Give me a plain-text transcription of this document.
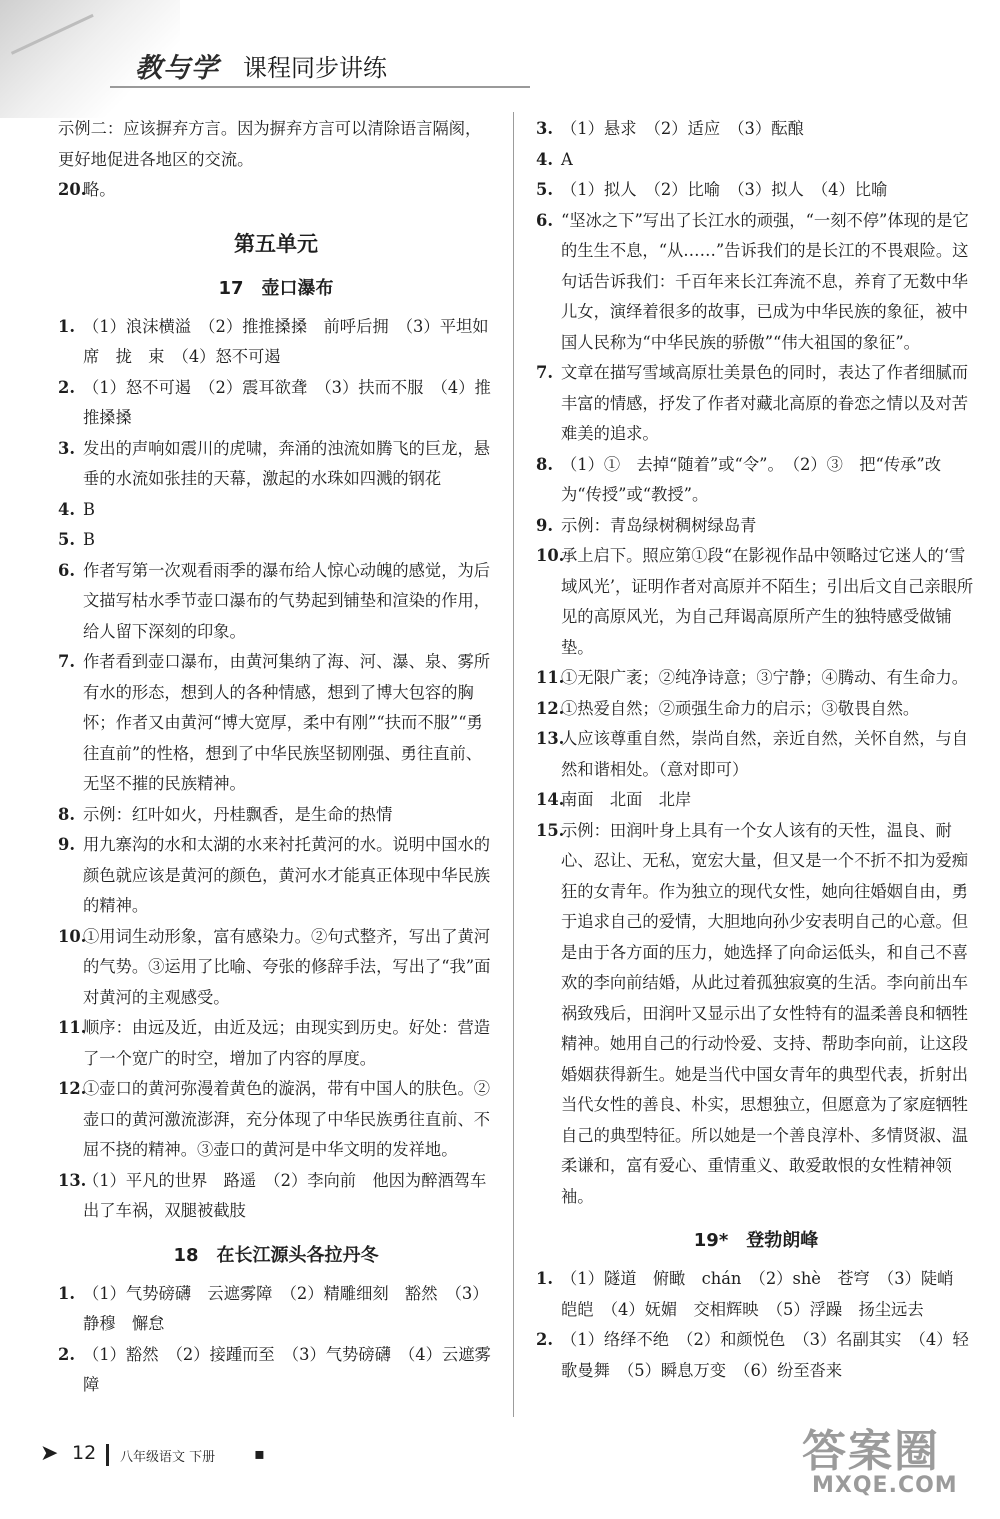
教与学 课程同步讲练

示例二：应该摒弃方言。因为摒弃方言可以清除语言隔阂，更好地促进各地区的交流。

20.
略。
第五单元
17　壶口瀑布
1. （1）浪沫横溢　（2）推推搡搡　前呼后拥　（3）平坦如席　拢　束　（4）怒不可遏
2. （1）怒不可遏　（2）震耳欲聋　（3）扶而不服　（4）推推搡搡
3. 发出的声响如震川的虎啸，奔涌的浊流如腾飞的巨龙，悬垂的水流如张挂的天幕，激起的水珠如四溅的钢花
4. B
5. B
6. 作者写第一次观看雨季的瀑布给人惊心动魄的感觉，为后文描写枯水季节壶口瀑布的气势起到铺垫和渲染的作用，给人留下深刻的印象。
7. 作者看到壶口瀑布，由黄河集纳了海、河、瀑、泉、雾所有水的形态，想到人的各种情感，想到了博大包容的胸怀；作者又由黄河“博大宽厚，柔中有刚”“扶而不服”“勇往直前”的性格，想到了中华民族坚韧刚强、勇往直前、无坚不摧的民族精神。
8. 示例：红叶如火，丹桂飘香，是生命的热情
9. 用九寨沟的水和太湖的水来衬托黄河的水。说明中国水的颜色就应该是黄河的颜色，黄河水才能真正体现中华民族的精神。
10.
①用词生动形象，富有感染力。②句式整齐，写出了黄河的气势。③运用了比喻、夸张的修辞手法，写出了“我”面对黄河的主观感受。
11.
顺序：由远及近，由近及远；由现实到历史。好处：营造了一个宽广的时空，增加了内容的厚度。
12.
①壶口的黄河弥漫着黄色的漩涡，带有中国人的肤色。②壶口的黄河激流澎湃，充分体现了中华民族勇往直前、不屈不挠的精神。③壶口的黄河是中华文明的发祥地。
13.
（1）平凡的世界　路遥　（2）李向前　他因为醉酒驾车出了车祸，双腿被截肢
18　在长江源头各拉丹冬
1. （1）气势磅礴　云遮雾障　（2）精雕细刻　豁然　（3）静穆　懈怠
2. （1）豁然　（2）接踵而至　（3）气势磅礴　（4）云遮雾障
3. （1）悬求　（2）适应　（3）酝酿
4. A
5. （1）拟人　（2）比喻　（3）拟人　（4）比喻
6. “坚冰之下”写出了长江水的顽强，“一刻不停”体现的是它的生生不息，“从……”告诉我们的是长江的不畏艰险。这句话告诉我们：千百年来长江奔流不息，养育了无数中华儿女，演绎着很多的故事，已成为中华民族的象征，被中国人民称为“中华民族的骄傲”“伟大祖国的象征”。
7. 文章在描写雪域高原壮美景色的同时，表达了作者细腻而丰富的情感，抒发了作者对藏北高原的眷恋之情以及对苦难美的追求。
8. （1）①　去掉“随着”或“令”。　（2）③　把“传承”改为“传授”或“教授”。
9. 示例：青岛绿树稠树绿岛青
10.
承上启下。照应第①段“在影视作品中领略过它迷人的‘雪域风光’，证明作者对高原并不陌生；引出后文自己亲眼所见的高原风光，为自己拜谒高原所产生的独特感受做铺垫。
11.
①无限广袤；②纯净诗意；③宁静；④腾动、有生命力。
12.
①热爱自然；②顽强生命力的启示；③敬畏自然。
13.
人应该尊重自然，崇尚自然，亲近自然，关怀自然，与自然和谐相处。（意对即可）
14.
南面　北面　北岸
15.
示例：田润叶身上具有一个女人该有的天性，温良、耐心、忍让、无私，宽宏大量，但又是一个不折不扣为爱痴狂的女青年。作为独立的现代女性，她向往婚姻自由，勇于追求自己的爱情，大胆地向孙少安表明自己的心意。但是由于各方面的压力，她选择了向命运低头，和自己不喜欢的李向前结婚，从此过着孤独寂寞的生活。李向前出车祸致残后，田润叶又显示出了女性特有的温柔善良和牺牲精神。她用自己的行动怜爱、支持、帮助李向前，让这段婚姻获得新生。她是当代中国女青年的典型代表，折射出当代女性的善良、朴实，思想独立，但愿意为了家庭牺牲自己的典型特征。所以她是一个善良淳朴、多情贤淑、温柔谦和，富有爱心、重情重义、敢爱敢恨的女性精神领袖。
19*　登勃朗峰
1. （1）隧道　俯瞰　chán　（2）shè　苍穹　（3）陡峭　皑皑　（4）妩媚　交相辉映　（5）浮躁　扬尘远去
2. （1）络绎不绝　（2）和颜悦色　（3）名副其实　（4）轻歌曼舞　（5）瞬息万变　（6）纷至沓来
➤ 12 八年级语文 下册 ▪	答案圈
MXQE.COM
